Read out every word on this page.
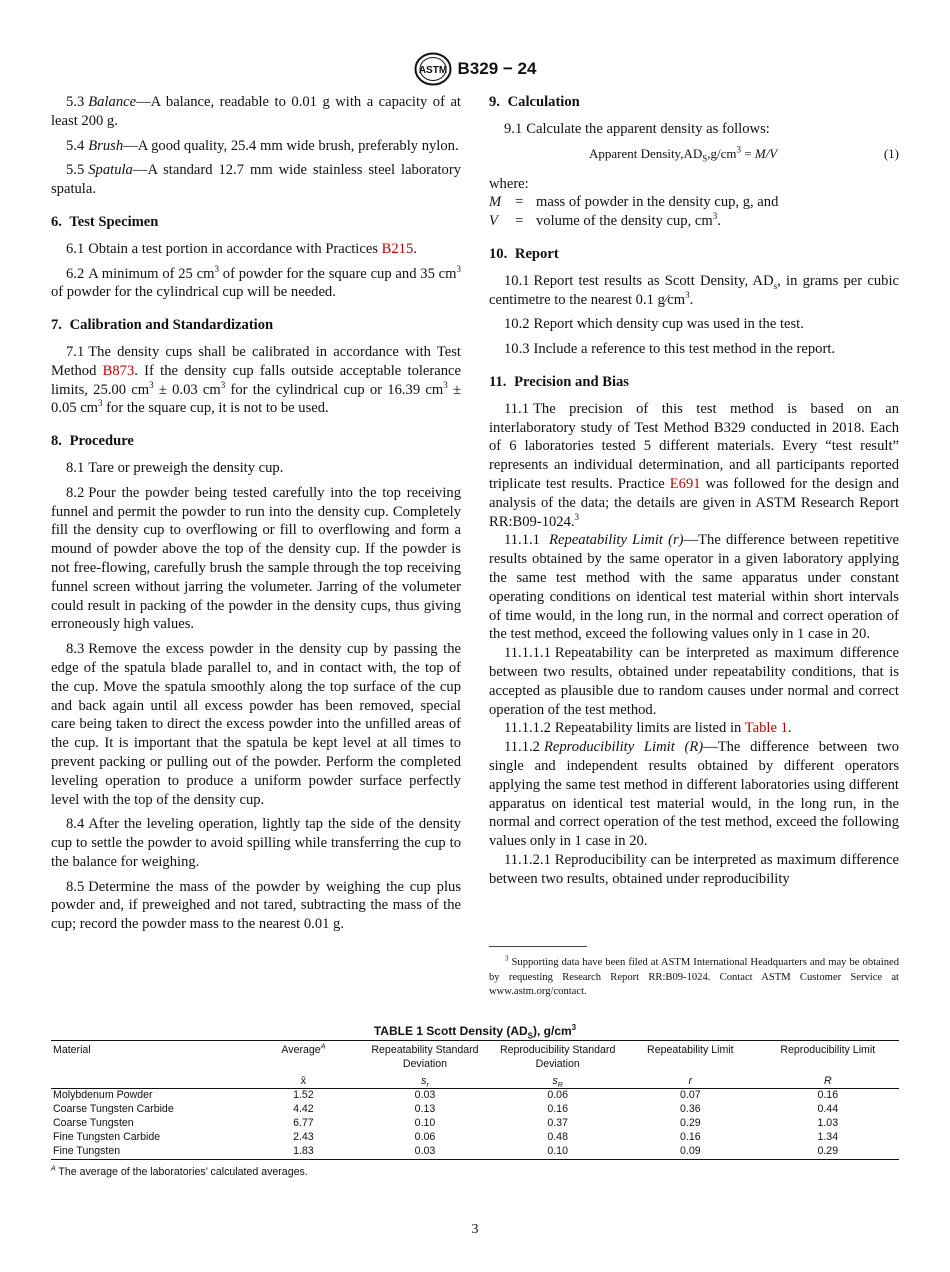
ASTM B329 − 24

5.3 Balance—A balance, readable to 0.01 g with a capacity of at least 200 g.

5.4 Brush—A good quality, 25.4 mm wide brush, preferably nylon.

5.5 Spatula—A standard 12.7 mm wide stainless steel laboratory spatula.

6. Test Specimen

6.1 Obtain a test portion in accordance with Practices B215.

6.2 A minimum of 25 $cm^3$ of powder for the square cup and 35 $cm^3$ of powder for the cylindrical cup will be needed.

7. Calibration and Standardization

7.1 The density cups shall be calibrated in accordance with Test Method B873. If the density cup falls outside acceptable tolerance limits, 25.00 $cm^3 \pm 0.03$ $cm^3$ for the cylindrical cup or 16.39 $cm^3 \pm 0.05$ $cm^3$ for the square cup, it is not to be used.

8. Procedure

8.1 Tare or preweigh the density cup.

8.2 Pour the powder being tested carefully into the top receiving funnel and permit the powder to run into the density cup. Completely fill the density cup to overflowing or fill to overflowing and form a mound of powder above the top of the density cup. If the powder is not free-flowing, carefully brush the sample through the top receiving funnel screen without jarring the volumeter. Jarring of the volumeter could result in packing of the powder in the density cups, thus giving erroneously high values.

8.3 Remove the excess powder in the density cup by passing the edge of the spatula blade parallel to, and in contact with, the top of the cup. Move the spatula smoothly along the top surface of the cup and back again until all excess powder has been removed, special care being taken to direct the excess powder into the unfilled areas of the cup. It is important that the spatula be kept level at all times to prevent packing or pulling out of the powder. Perform the completed leveling operation to produce a uniform powder surface perfectly level with the top of the density cup.

8.4 After the leveling operation, lightly tap the side of the density cup to settle the powder to avoid spilling while transferring the cup to the balance for weighing.

8.5 Determine the mass of the powder by weighing the cup plus powder and, if preweighed and not tared, subtracting the mass of the cup; record the powder mass to the nearest 0.01 g.

9. Calculation

9.1 Calculate the apparent density as follows:

Apparent $Density,AD_S,g/cm^3 = M/V$	(1)
where:
M = mass of powder in the density cup, g, and
V = volume of the density cup, $cm^3$.
10. Report

10.1 Report test results as Scott Density, $AD_s$, in grams per cubic centimetre to the nearest 0.1 $g⁄cm^3$.

10.2 Report which density cup was used in the test.

10.3 Include a reference to this test method in the report.

11. Precision and Bias

11.1 The precision of this test method is based on an interlaboratory study of Test Method B329 conducted in 2018. Each of 6 laboratories tested 5 different materials. Every “test result” represents an individual determination, and all participants reported triplicate test results. Practice E691 was followed for the design and analysis of the data; the details are given in ASTM Research Report RR:B09-1024.$^3$

11.1.1 Repeatability Limit (r)—The difference between repetitive results obtained by the same operator in a given laboratory applying the same test method with the same apparatus under constant operating conditions on identical test material within short intervals of time would, in the long run, in the normal and correct operation of the test method, exceed the following values only in 1 case in 20.

11.1.1.1 Repeatability can be interpreted as maximum difference between two results, obtained under repeatability conditions, that is accepted as plausible due to random causes under normal and correct operation of the test method.

11.1.1.2 Repeatability limits are listed in Table 1.

11.1.2 Reproducibility Limit (R)—The difference between two single and independent results obtained by different operators applying the same test method in different laboratories using different apparatus on identical test material would, in the long run, in the normal and correct operation of the test method, exceed the following values only in 1 case in 20.

11.1.2.1 Reproducibility can be interpreted as maximum difference between two results, obtained under reproducibility

$^3$ Supporting data have been filed at ASTM International Headquarters and may be obtained by requesting Research Report RR:B09-1024. Contact ASTM Customer Service at www.astm.org/contact.
TABLE 1 Scott Density $(AD_S)$, $g/cm^3$
Material	Average$^A$	Repeatability Standard Deviation	Reproducibility Standard Deviation	Repeatability Limit	Reproducibility Limit
	x̄	$s_r$	$s_R$	r	R
Molybdenum Powder	1.52	0.03	0.06	0.07	0.16
Coarse Tungsten Carbide	4.42	0.13	0.16	0.36	0.44
Coarse Tungsten	6.77	0.10	0.37	0.29	1.03
Fine Tungsten Carbide	2.43	0.06	0.48	0.16	1.34
Fine Tungsten	1.83	0.03	0.10	0.09	0.29
$^A$ The average of the laboratories’ calculated averages.
3
